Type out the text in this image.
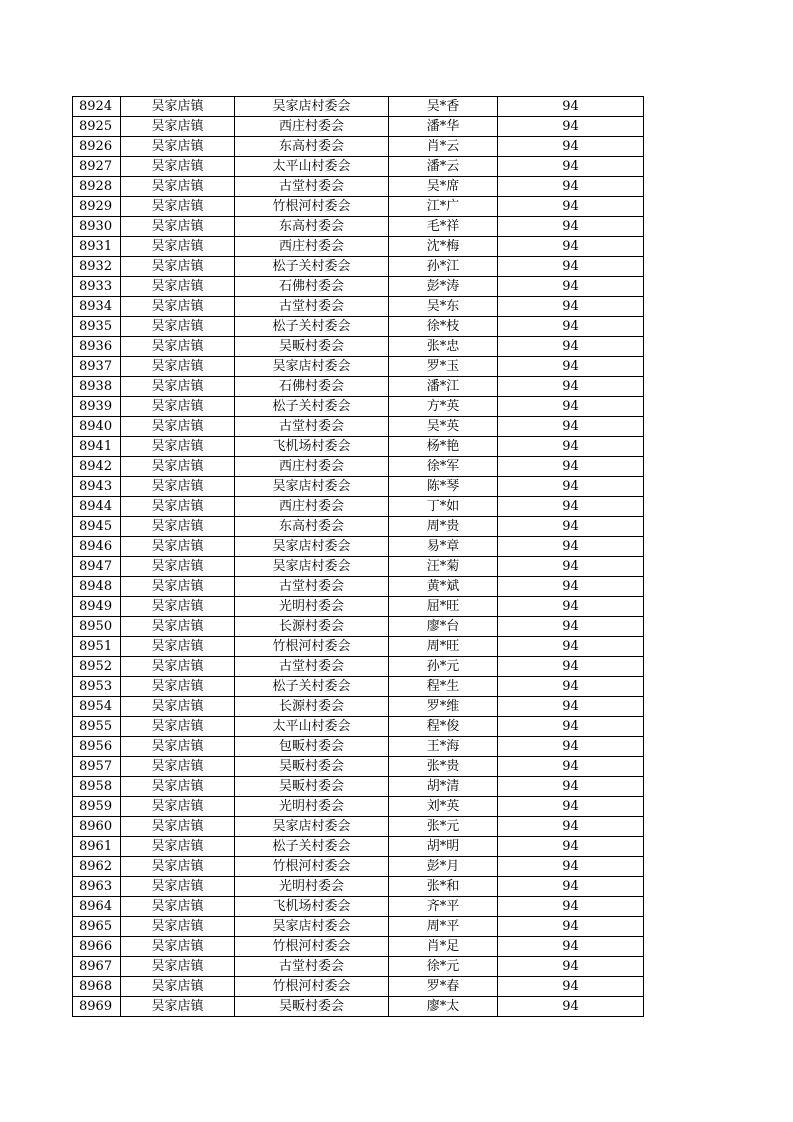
8924	吴家店镇	吴家店村委会	吴*香	94
8925	吴家店镇	西庄村委会	潘*华	94
8926	吴家店镇	东高村委会	肖*云	94
8927	吴家店镇	太平山村委会	潘*云	94
8928	吴家店镇	古堂村委会	吴*席	94
8929	吴家店镇	竹根河村委会	江*广	94
8930	吴家店镇	东高村委会	毛*祥	94
8931	吴家店镇	西庄村委会	沈*梅	94
8932	吴家店镇	松子关村委会	孙*江	94
8933	吴家店镇	石佛村委会	彭*涛	94
8934	吴家店镇	古堂村委会	吴*东	94
8935	吴家店镇	松子关村委会	徐*枝	94
8936	吴家店镇	吴畈村委会	张*忠	94
8937	吴家店镇	吴家店村委会	罗*玉	94
8938	吴家店镇	石佛村委会	潘*江	94
8939	吴家店镇	松子关村委会	方*英	94
8940	吴家店镇	古堂村委会	吴*英	94
8941	吴家店镇	飞机场村委会	杨*艳	94
8942	吴家店镇	西庄村委会	徐*军	94
8943	吴家店镇	吴家店村委会	陈*琴	94
8944	吴家店镇	西庄村委会	丁*如	94
8945	吴家店镇	东高村委会	周*贵	94
8946	吴家店镇	吴家店村委会	易*章	94
8947	吴家店镇	吴家店村委会	汪*菊	94
8948	吴家店镇	古堂村委会	黄*斌	94
8949	吴家店镇	光明村委会	屈*旺	94
8950	吴家店镇	长源村委会	廖*台	94
8951	吴家店镇	竹根河村委会	周*旺	94
8952	吴家店镇	古堂村委会	孙*元	94
8953	吴家店镇	松子关村委会	程*生	94
8954	吴家店镇	长源村委会	罗*维	94
8955	吴家店镇	太平山村委会	程*俊	94
8956	吴家店镇	包畈村委会	王*海	94
8957	吴家店镇	吴畈村委会	张*贵	94
8958	吴家店镇	吴畈村委会	胡*清	94
8959	吴家店镇	光明村委会	刘*英	94
8960	吴家店镇	吴家店村委会	张*元	94
8961	吴家店镇	松子关村委会	胡*明	94
8962	吴家店镇	竹根河村委会	彭*月	94
8963	吴家店镇	光明村委会	张*和	94
8964	吴家店镇	飞机场村委会	齐*平	94
8965	吴家店镇	吴家店村委会	周*平	94
8966	吴家店镇	竹根河村委会	肖*足	94
8967	吴家店镇	古堂村委会	徐*元	94
8968	吴家店镇	竹根河村委会	罗*春	94
8969	吴家店镇	吴畈村委会	廖*太	94
